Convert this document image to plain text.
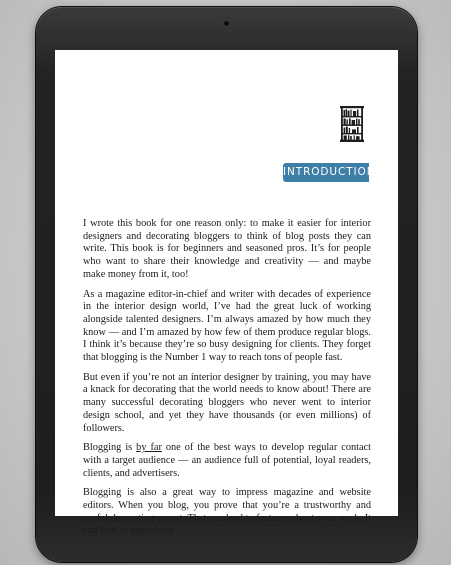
INTRODUCTION

I wrote this book for one reason only: to make it easier for interior designers and decorating bloggers to think of blog posts they can write. This book is for beginners and seasoned pros. It’s for people who want to share their knowledge and creativity — and maybe make money from it, too!

As a magazine editor-in-chief and writer with decades of experience in the interior design world, I’ve had the great luck of working alongside talented designers. I’m always amazed by how much they know — and I’m amazed by how few of them produce regular blogs. I think it’s because they’re so busy designing for clients. They forget that blogging is the Number 1 way to reach tons of people fast.

But even if you’re not an interior designer by training, you may have a knack for decorating that the world needs to know about! There are many successful decorating bloggers who never went to interior design school, and yet they have thousands (or even millions) of followers.

Blogging is by far one of the best ways to develop regular contact with a target audience — an audience full of potential, loyal readers, clients, and advertisers.

Blogging is also a great way to impress magazine and website editors. When you blog, you prove that you’re a trustworthy and useful decorating expert. That can lead to features about your work. It can lead to interviews
